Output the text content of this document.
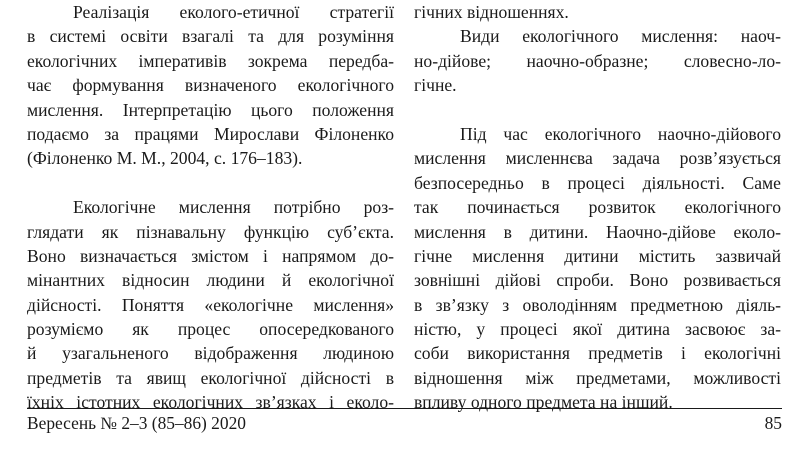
Реалізація еколого-етичної стратегії
в системі освіти взагалі та для розуміння
екологічних імперативів зокрема передба-
чає формування визначеного екологічного
мислення. Інтерпретацію цього положення
подаємо за працями Мирослави Філоненко
(Філоненко М. М., 2004, с. 176–183).
Екологічне мислення потрібно роз-
глядати як пізнавальну функцію суб’єкта.
Воно визначається змістом і напрямом до-
мінантних відносин людини й екологічної
дійсності. Поняття «екологічне мислення»
розуміємо як процес опосередкованого
й узагальненого відображення людиною
предметів та явищ екологічної дійсності в
їхніх істотних екологічних зв’язках і еколо-
гічних відношеннях.
Види екологічного мислення: наоч-
но-дійове; наочно-образне; словесно-ло-
гічне.
Під час екологічного наочно-дійового
мислення мисленнєва задача розв’язується
безпосередньо в процесі діяльності. Саме
так починається розвиток екологічного
мислення в дитини. Наочно-дійове еколо-
гічне мислення дитини містить зазвичай
зовнішні дійові спроби. Воно розвивається
в зв’язку з оволодінням предметною діяль-
ністю, у процесі якої дитина засвоює за-
соби використання предметів і екологічні
відношення між предметами, можливості
впливу одного предмета на інший.
Вересень № 2–3 (85–86) 2020	85
